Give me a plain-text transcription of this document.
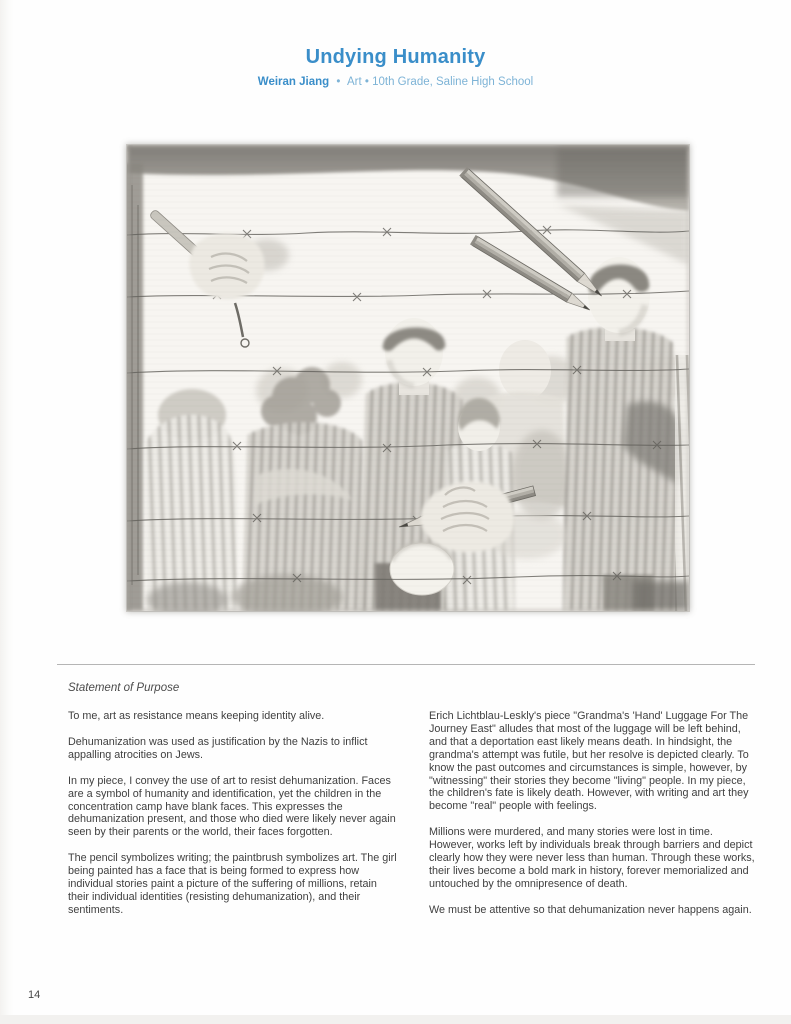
Undying Humanity
Weiran Jiang • Art • 10th Grade, Saline High School
Statement of Purpose

To me, art as resistance means keeping identity alive.

Dehumanization was used as justification by the Nazis to inflict appalling atrocities on Jews.

In my piece, I convey the use of art to resist dehumanization. Faces are a symbol of humanity and identification, yet the children in the concentration camp have blank faces. This expresses the dehumanization present, and those who died were likely never again seen by their parents or the world, their faces forgotten.

The pencil symbolizes writing; the paintbrush symbolizes art. The girl being painted has a face that is being formed to express how individual stories paint a picture of the suffering of millions, retain their individual identities (resisting dehumanization), and their sentiments.

Erich Lichtblau-Leskly's piece "Grandma's 'Hand' Luggage For The Journey East" alludes that most of the luggage will be left behind, and that a deportation east likely means death. In hindsight, the grandma's attempt was futile, but her resolve is depicted clearly. To know the past outcomes and circumstances is simple, however, by "witnessing" their stories they become "living" people. In my piece, the children's fate is likely death. However, with writing and art they become "real" people with feelings.

Millions were murdered, and many stories were lost in time. However, works left by individuals break through barriers and depict clearly how they were never less than human. Through these works, their lives become a bold mark in history, forever memorialized and untouched by the omnipresence of death.

We must be attentive so that dehumanization never happens again.

14
